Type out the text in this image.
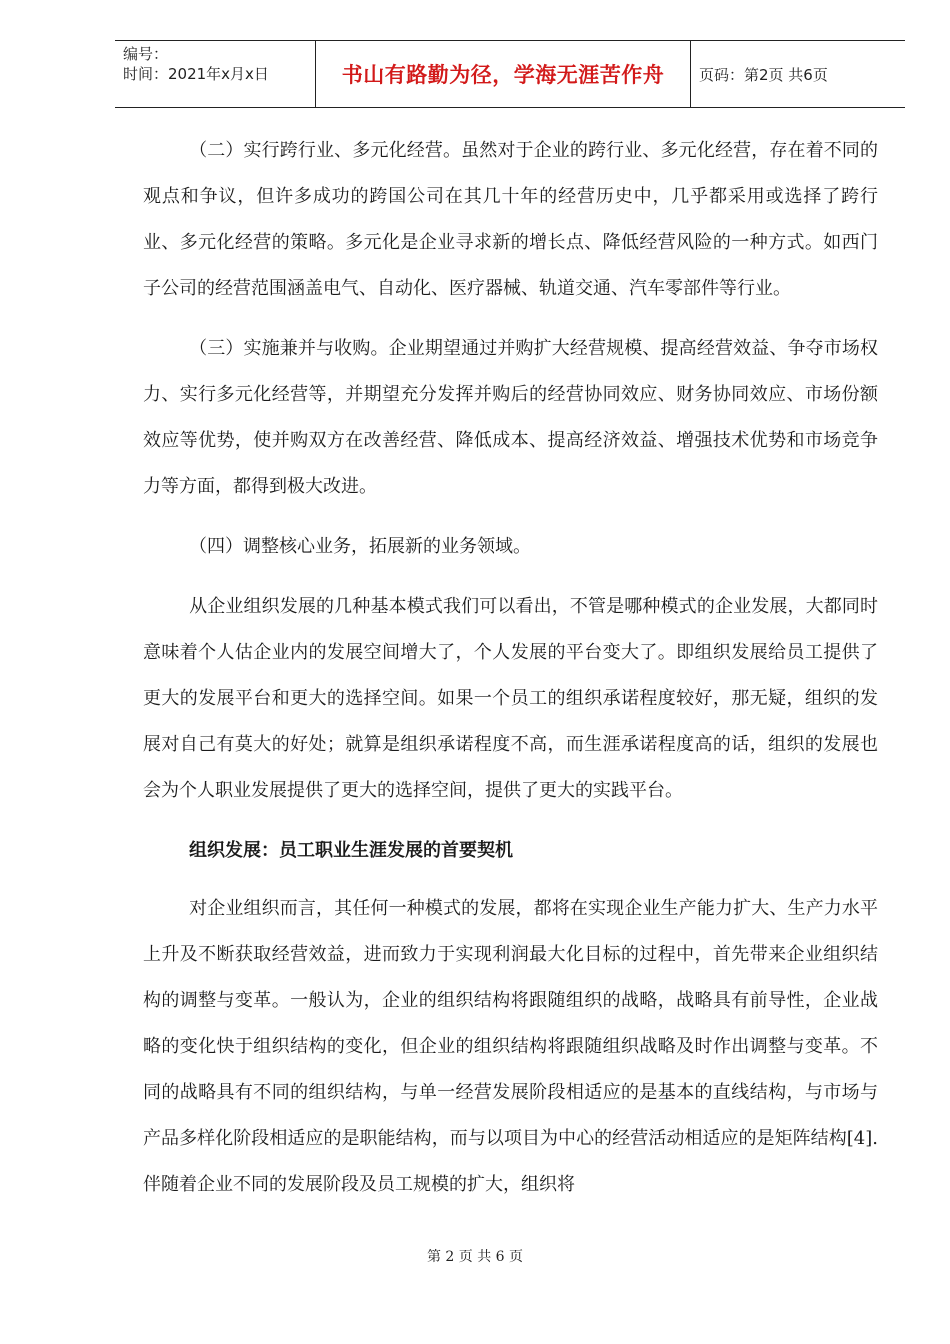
编号：
时间：2021年x月x日	书山有路勤为径，学海无涯苦作舟 页码：第2页 共6页

（二）实行跨行业、多元化经营。虽然对于企业的跨行业、多元化经营，存在着不同的观点和争议，但许多成功的跨国公司在其几十年的经营历史中，几乎都采用或选择了跨行业、多元化经营的策略。多元化是企业寻求新的增长点、降低经营风险的一种方式。如西门子公司的经营范围涵盖电气、自动化、医疗器械、轨道交通、汽车零部件等行业。

（三）实施兼并与收购。企业期望通过并购扩大经营规模、提高经营效益、争夺市场权力、实行多元化经营等，并期望充分发挥并购后的经营协同效应、财务协同效应、市场份额效应等优势，使并购双方在改善经营、降低成本、提高经济效益、增强技术优势和市场竞争力等方面，都得到极大改进。

（四）调整核心业务，拓展新的业务领域。

从企业组织发展的几种基本模式我们可以看出，不管是哪种模式的企业发展，大都同时意味着个人估企业内的发展空间增大了，个人发展的平台变大了。即组织发展给员工提供了更大的发展平台和更大的选择空间。如果一个员工的组织承诺程度较好，那无疑，组织的发展对自己有莫大的好处；就算是组织承诺程度不高，而生涯承诺程度高的话，组织的发展也会为个人职业发展提供了更大的选择空间，提供了更大的实践平台。

组织发展：员工职业生涯发展的首要契机

对企业组织而言，其任何一种模式的发展，都将在实现企业生产能力扩大、生产力水平上升及不断获取经营效益，进而致力于实现利润最大化目标的过程中，首先带来企业组织结构的调整与变革。一般认为，企业的组织结构将跟随组织的战略，战略具有前导性，企业战略的变化快于组织结构的变化，但企业的组织结构将跟随组织战略及时作出调整与变革。不同的战略具有不同的组织结构，与单一经营发展阶段相适应的是基本的直线结构，与市场与产品多样化阶段相适应的是职能结构，而与以项目为中心的经营活动相适应的是矩阵结构[4].伴随着企业不同的发展阶段及员工规模的扩大，组织将

第 2 页 共 6 页
